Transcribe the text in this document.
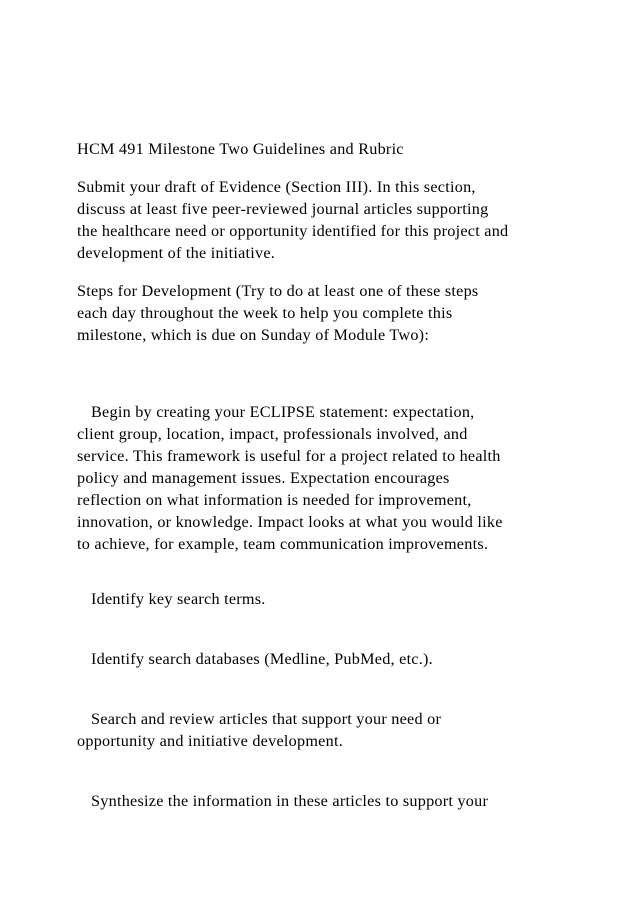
HCM 491 Milestone Two Guidelines and Rubric
Submit your draft of Evidence (Section III). In this section,
discuss at least five peer-reviewed journal articles supporting
the healthcare need or opportunity identified for this project and
development of the initiative.
Steps for Development (Try to do at least one of these steps
each day throughout the week to help you complete this
milestone, which is due on Sunday of Module Two):
Begin by creating your ECLIPSE statement: expectation,
client group, location, impact, professionals involved, and
service. This framework is useful for a project related to health
policy and management issues. Expectation encourages
reflection on what information is needed for improvement,
innovation, or knowledge. Impact looks at what you would like
to achieve, for example, team communication improvements.
Identify key search terms.
Identify search databases (Medline, PubMed, etc.).
Search and review articles that support your need or
opportunity and initiative development.
Synthesize the information in these articles to support your
